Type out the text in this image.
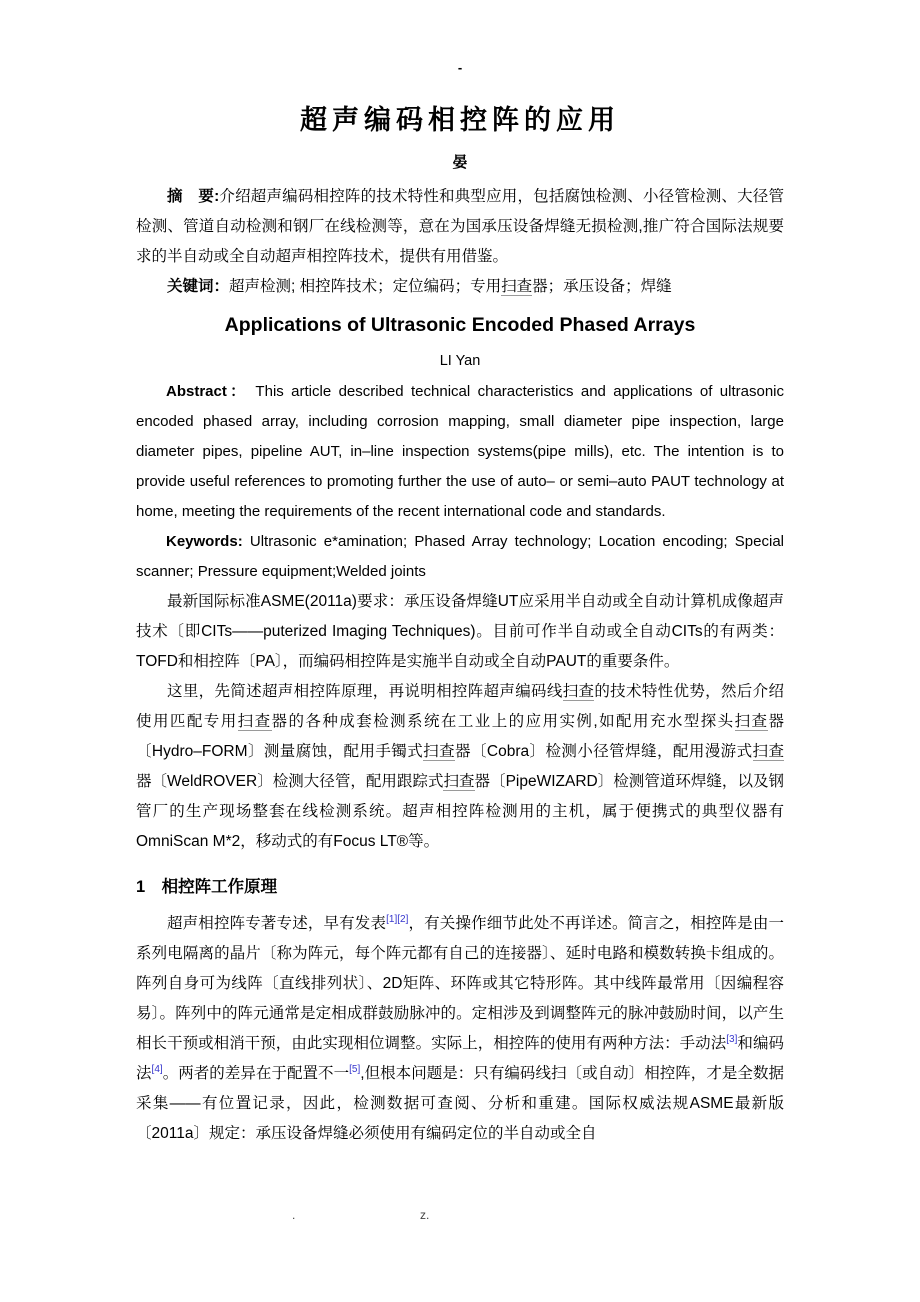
-
超声编码相控阵的应用
晏

摘　要:介绍超声编码相控阵的技术特性和典型应用，包括腐蚀检测、小径管检测、大径管检测、管道自动检测和钢厂在线检测等，意在为国承压设备焊缝无损检测,推广符合国际法规要求的半自动或全自动超声相控阵技术，提供有用借鉴。

关键词：超声检测; 相控阵技术；定位编码；专用扫查器；承压设备；焊缝

Applications of Ultrasonic Encoded Phased Arrays
LI Yan

Abstract： This article described technical characteristics and applications of ultrasonic encoded phased array, including corrosion mapping, small diameter pipe inspection, large diameter pipes, pipeline AUT, in–line inspection systems(pipe mills), etc. The intention is to provide useful references to promoting further the use of auto– or semi–auto PAUT technology at home, meeting the requirements of the recent international code and standards.

Keywords: Ultrasonic e*amination; Phased Array technology; Location encoding; Special scanner; Pressure equipment;Welded joints

最新国际标准ASME(2011a)要求：承压设备焊缝UT应采用半自动或全自动计算机成像超声技术〔即CITs——puterized Imaging Techniques)。目前可作半自动或全自动CITs的有两类：TOFD和相控阵〔PA〕，而编码相控阵是实施半自动或全自动PAUT的重要条件。

这里，先简述超声相控阵原理，再说明相控阵超声编码线扫查的技术特性优势，然后介绍使用匹配专用扫查器的各种成套检测系统在工业上的应用实例,如配用充水型探头扫查器〔Hydro–FORM〕测量腐蚀，配用手镯式扫查器〔Cobra〕检测小径管焊缝，配用漫游式扫查器〔WeldROVER〕检测大径管，配用跟踪式扫查器〔PipeWIZARD〕检测管道环焊缝，以及钢管厂的生产现场整套在线检测系统。超声相控阵检测用的主机，属于便携式的典型仪器有OmniScan M*2，移动式的有Focus LT®等。

1　相控阵工作原理

超声相控阵专著专述，早有发表[1][2]，有关操作细节此处不再详述。简言之，相控阵是由一系列电隔离的晶片〔称为阵元，每个阵元都有自己的连接器〕、延时电路和模数转换卡组成的。阵列自身可为线阵〔直线排列状〕、2D矩阵、环阵或其它特形阵。其中线阵最常用〔因编程容易〕。阵列中的阵元通常是定相成群鼓励脉冲的。定相涉及到调整阵元的脉冲鼓励时间，以产生相长干预或相消干预，由此实现相位调整。实际上，相控阵的使用有两种方法：手动法[3]和编码法[4]。两者的差异在于配置不一[5],但根本问题是：只有编码线扫〔或自动〕相控阵，才是全数据采集——有位置记录，因此，检测数据可查阅、分析和重建。国际权威法规ASME最新版〔2011a〕规定：承压设备焊缝必须使用有编码定位的半自动或全自

.	z.
